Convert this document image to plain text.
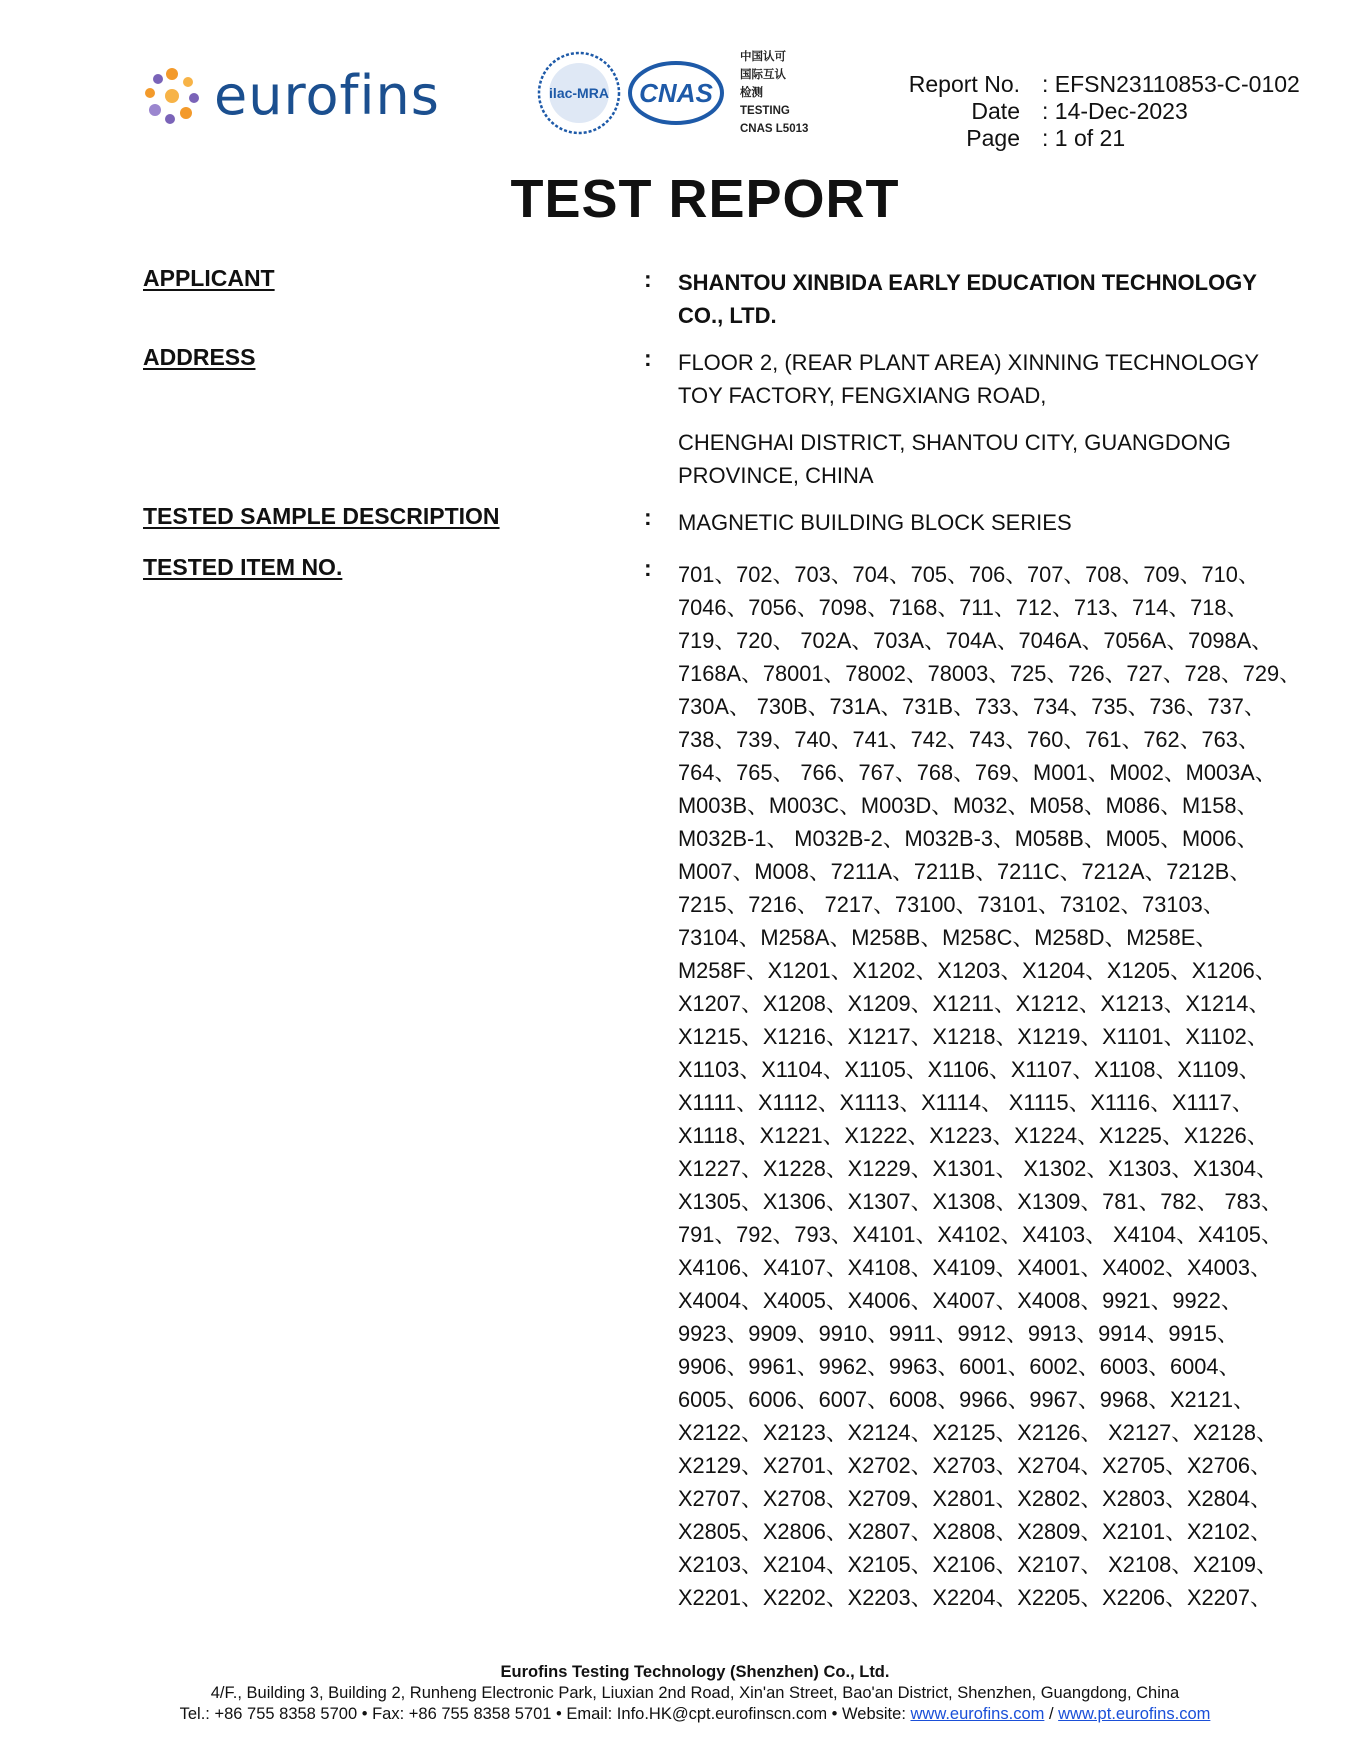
eurofins	ilac-MRA CNAS
中国认可
国际互认
检测
TESTING
CNAS L5013
Report No. : EFSN23110853-C-0102
Date : 14-Dec-2023
Page : 1 of 21
TEST REPORT
APPLICANT	: SHANTOU XINBIDA EARLY EDUCATION TECHNOLOGY
CO., LTD.
ADDRESS	: FLOOR 2, (REAR PLANT AREA) XINNING TECHNOLOGY
TOY FACTORY, FENGXIANG ROAD,
CHENGHAI DISTRICT, SHANTOU CITY, GUANGDONG
PROVINCE, CHINA
TESTED SAMPLE DESCRIPTION	: MAGNETIC BUILDING BLOCK SERIES
TESTED ITEM NO.	: 701、702、703、704、705、706、707、708、709、710、
7046、7056、7098、7168、711、712、713、714、718、
719、720、 702A、703A、704A、7046A、7056A、7098A、
7168A、78001、78002、78003、725、726、727、728、729、
730A、 730B、731A、731B、733、734、735、736、737、
738、739、740、741、742、743、760、761、762、763、
764、765、 766、767、768、769、M001、M002、M003A、
M003B、M003C、M003D、M032、M058、M086、M158、
M032B-1、 M032B-2、M032B-3、M058B、M005、M006、
M007、M008、7211A、7211B、7211C、7212A、7212B、
7215、7216、 7217、73100、73101、73102、73103、
73104、M258A、M258B、M258C、M258D、M258E、
M258F、X1201、X1202、X1203、X1204、X1205、X1206、
X1207、X1208、X1209、X1211、X1212、X1213、X1214、
X1215、X1216、X1217、X1218、X1219、X1101、X1102、
X1103、X1104、X1105、X1106、X1107、X1108、X1109、
X1111、X1112、X1113、X1114、 X1115、X1116、X1117、
X1118、X1221、X1222、X1223、X1224、X1225、X1226、
X1227、X1228、X1229、X1301、 X1302、X1303、X1304、
X1305、X1306、X1307、X1308、X1309、781、782、 783、
791、792、793、X4101、X4102、X4103、 X4104、X4105、
X4106、X4107、X4108、X4109、X4001、X4002、X4003、
X4004、X4005、X4006、X4007、X4008、9921、9922、
9923、9909、9910、9911、9912、9913、9914、9915、
9906、9961、9962、9963、6001、6002、6003、6004、
6005、6006、6007、6008、9966、9967、9968、X2121、
X2122、X2123、X2124、X2125、X2126、 X2127、X2128、
X2129、X2701、X2702、X2703、X2704、X2705、X2706、
X2707、X2708、X2709、X2801、X2802、X2803、X2804、
X2805、X2806、X2807、X2808、X2809、X2101、X2102、
X2103、X2104、X2105、X2106、X2107、 X2108、X2109、
X2201、X2202、X2203、X2204、X2205、X2206、X2207、
Eurofins Testing Technology (Shenzhen) Co., Ltd.
4/F., Building 3, Building 2, Runheng Electronic Park, Liuxian 2nd Road, Xin'an Street, Bao'an District, Shenzhen, Guangdong, China
Tel.: +86 755 8358 5700 • Fax: +86 755 8358 5701 • Email: Info.HK@cpt.eurofinscn.com • Website: www.eurofins.com / www.pt.eurofins.com
